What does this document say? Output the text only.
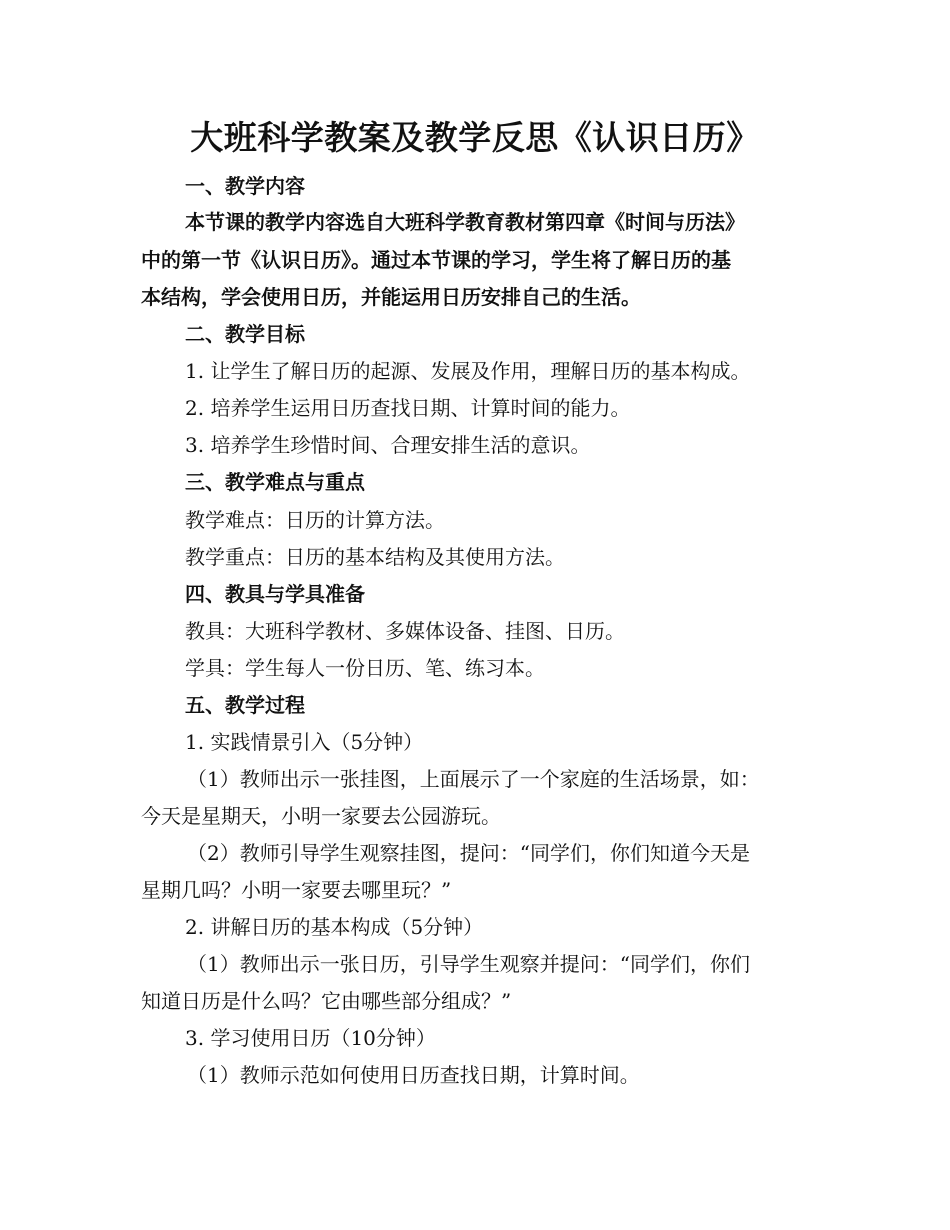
大班科学教案及教学反思《认识日历》
一、教学内容
本节课的教学内容选自大班科学教育教材第四章《时间与历法》
中的第一节《认识日历》。通过本节课的学习，学生将了解日历的基
本结构，学会使用日历，并能运用日历安排自己的生活。
二、教学目标
1. 让学生了解日历的起源、发展及作用，理解日历的基本构成。
2. 培养学生运用日历查找日期、计算时间的能力。
3. 培养学生珍惜时间、合理安排生活的意识。
三、教学难点与重点
教学难点：日历的计算方法。
教学重点：日历的基本结构及其使用方法。
四、教具与学具准备
教具：大班科学教材、多媒体设备、挂图、日历。
学具：学生每人一份日历、笔、练习本。
五、教学过程
1. 实践情景引入（5分钟）
（1）教师出示一张挂图，上面展示了一个家庭的生活场景，如：
今天是星期天，小明一家要去公园游玩。
（2）教师引导学生观察挂图，提问：“同学们，你们知道今天是
星期几吗？小明一家要去哪里玩？”
2. 讲解日历的基本构成（5分钟）
（1）教师出示一张日历，引导学生观察并提问：“同学们，你们
知道日历是什么吗？它由哪些部分组成？”
3. 学习使用日历（10分钟）
（1）教师示范如何使用日历查找日期，计算时间。
